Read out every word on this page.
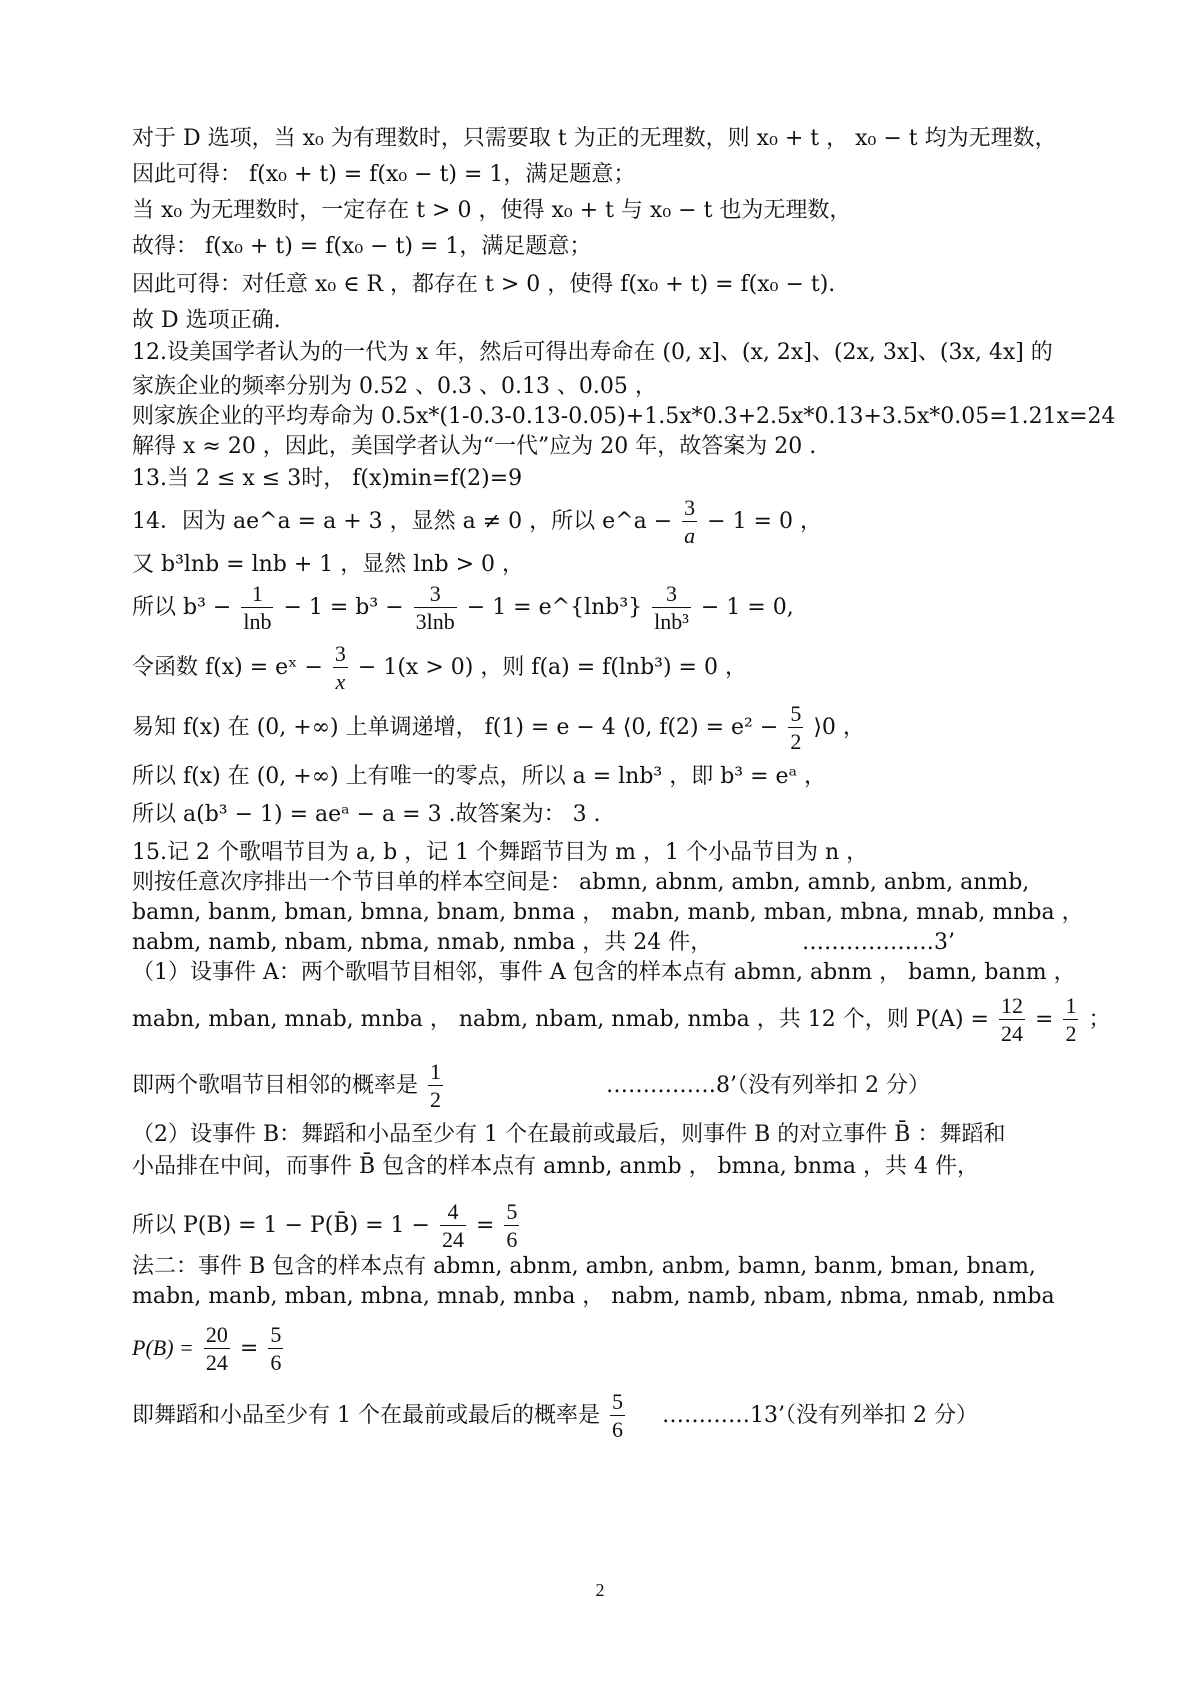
对于 D 选项，当 x₀ 为有理数时，只需要取 t 为正的无理数，则 x₀ + t ， x₀ − t 均为无理数，
因此可得： f(x₀ + t) = f(x₀ − t) = 1，满足题意；
当 x₀ 为无理数时，一定存在 t > 0 ，使得 x₀ + t 与 x₀ − t 也为无理数，
故得： f(x₀ + t) = f(x₀ − t) = 1，满足题意；
因此可得：对任意 x₀ ∈ R ，都存在 t > 0 ，使得 f(x₀ + t) = f(x₀ − t).
故 D 选项正确.
12.设美国学者认为的一代为 x 年，然后可得出寿命在 (0, x]、(x, 2x]、(2x, 3x]、(3x, 4x] 的
家族企业的频率分别为 0.52 、0.3 、0.13 、0.05 ，
则家族企业的平均寿命为 0.5x*(1-0.3-0.13-0.05)+1.5x*0.3+2.5x*0.13+3.5x*0.05=1.21x=24
解得 x ≈ 20 ，因此，美国学者认为“一代”应为 20 年，故答案为 20 .
13.当 2 ≤ x ≤ 3时， f(x)min=f(2)=9
14．因为 ae^a = a + 3 ，显然 a ≠ 0 ，所以 e^a − $\frac{3}{a} - 1 = 0$ ，
又 b³lnb = lnb + 1 ，显然 lnb > 0 ，
所以 $b^3 - \frac{1}{\ln b} - 1 = b^3 - \frac{3}{3\ln b} - 1$ = e^{lnb³} $\frac{3}{\text{lnb³}} - 1 = 0$,
令函数 f(x) = eˣ − $\frac{3}{x} - 1(x > 0)$ ，则 f(a) = f(lnb³) = 0 ，
易知 f(x) 在 (0, +∞) 上单调递增， f(1) = e − 4 ⟨0, $f(2) = e^2 - \frac{5}{2}$ ⟩0 ，
所以 f(x) 在 (0, +∞) 上有唯一的零点，所以 a = lnb³ ，即 b³ = eᵃ ，
所以 a(b³ − 1) = aeᵃ − a = 3 .故答案为： 3 .
15.记 2 个歌唱节目为 a, b ，记 1 个舞蹈节目为 m ，1 个小品节目为 n ，
则按任意次序排出一个节目单的样本空间是： abmn, abnm, ambn, amnb, anbm, anmb,
bamn, banm, bman, bmna, bnam, bnma ， mabn, manb, mban, mbna, mnab, mnba ，
nabm, namb, nbam, nbma, nmab, nmba ，共 24 件，	………………3’
（1）设事件 A：两个歌唱节目相邻，事件 A 包含的样本点有 abmn, abnm ， bamn, banm ，
mabn, mban, mnab, mnba ， nabm, nbam, nmab, nmba ，共 12 个，则 $P(A) = \frac{12}{24} = \frac{1}{2}$ ；
即两个歌唱节目相邻的概率是 $\frac{1}{2}$	……………8’（没有列举扣 2 分）
（2）设事件 B：舞蹈和小品至少有 1 个在最前或最后，则事件 B 的对立事件 B̄ ：舞蹈和
小品排在中间，而事件 B̄ 包含的样本点有 amnb, anmb ， bmna, bnma ，共 4 件，
所以 P(B) = 1 − P(B̄) = $1 - \frac{4}{24} = \frac{5}{6}$
法二：事件 B 包含的样本点有 abmn, abnm, ambn, anbm, bamn, banm, bman, bnam,
mabn, manb, mban, mbna, mnab, mnba ， nabm, namb, nbam, nbma, nmab, nmba
$P(B) = \frac{20}{24} = \frac{5}{6}$
即舞蹈和小品至少有 1 个在最前或最后的概率是 $\frac{5}{6}$ …………13’（没有列举扣 2 分）
2
